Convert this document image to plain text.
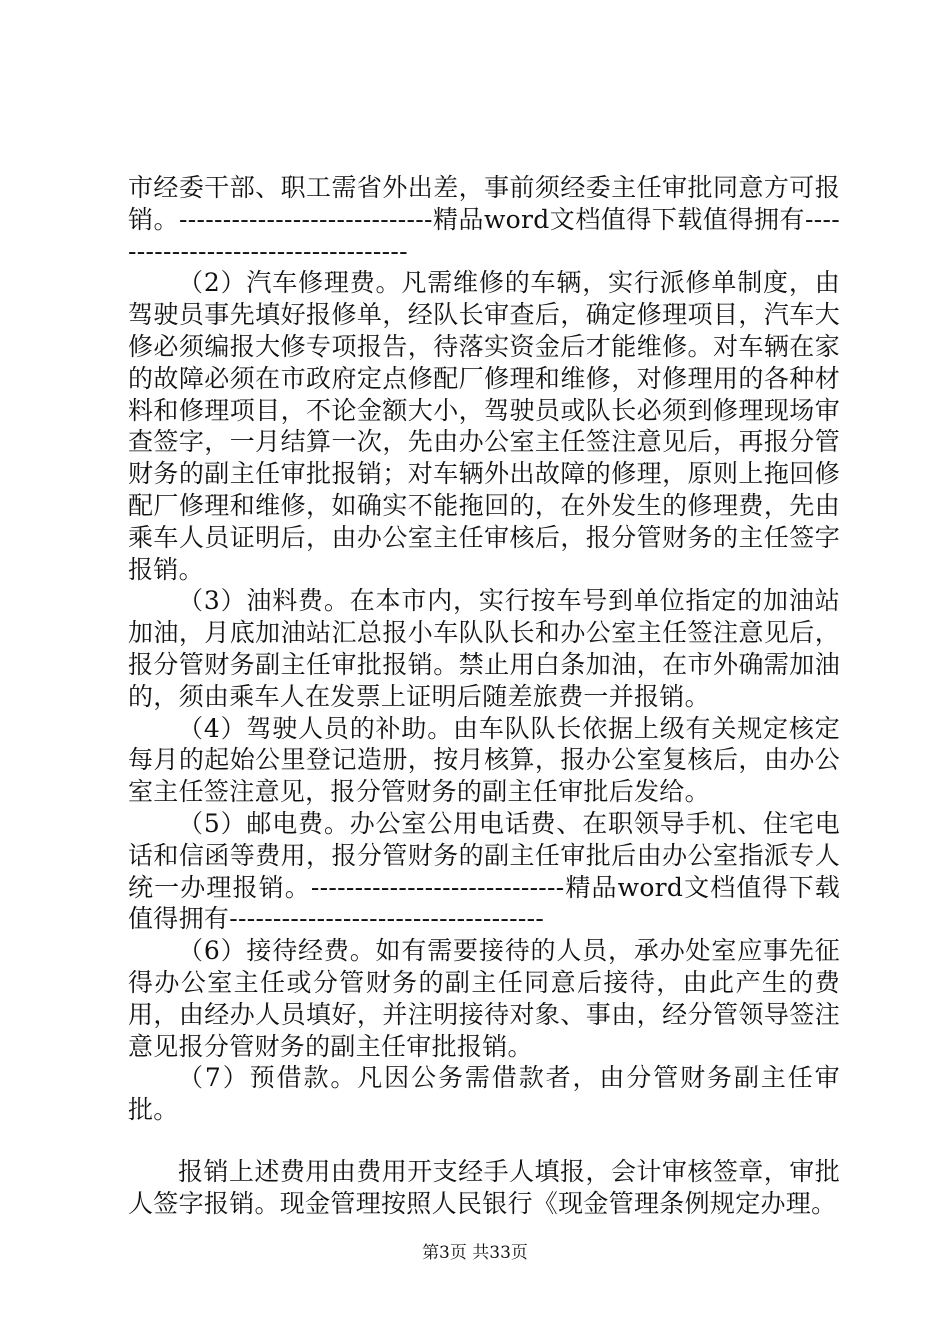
市经委干部、职工需省外出差，事前须经委主任审批同意方可报销。-----------------------------精品word文档值得下载值得拥有------------------------------------

（2）汽车修理费。凡需维修的车辆，实行派修单制度，由驾驶员事先填好报修单，经队长审查后，确定修理项目，汽车大修必须编报大修专项报告，待落实资金后才能维修。对车辆在家的故障必须在市政府定点修配厂修理和维修，对修理用的各种材料和修理项目，不论金额大小，驾驶员或队长必须到修理现场审查签字，一月结算一次，先由办公室主任签注意见后，再报分管财务的副主任审批报销；对车辆外出故障的修理，原则上拖回修配厂修理和维修，如确实不能拖回的，在外发生的修理费，先由乘车人员证明后，由办公室主任审核后，报分管财务的主任签字报销。

（3）油料费。在本市内，实行按车号到单位指定的加油站加油，月底加油站汇总报小车队队长和办公室主任签注意见后，报分管财务副主任审批报销。禁止用白条加油，在市外确需加油的，须由乘车人在发票上证明后随差旅费一并报销。

（4）驾驶人员的补助。由车队队长依据上级有关规定核定每月的起始公里登记造册，按月核算，报办公室复核后，由办公室主任签注意见，报分管财务的副主任审批后发给。

（5）邮电费。办公室公用电话费、在职领导手机、住宅电话和信函等费用，报分管财务的副主任审批后由办公室指派专人统一办理报销。-----------------------------精品word文档值得下载值得拥有------------------------------------

（6）接待经费。如有需要接待的人员，承办处室应事先征得办公室主任或分管财务的副主任同意后接待，由此产生的费用，由经办人员填好，并注明接待对象、事由，经分管领导签注意见报分管财务的副主任审批报销。

（7）预借款。凡因公务需借款者，由分管财务副主任审批。

报销上述费用由费用开支经手人填报，会计审核签章，审批人签字报销。现金管理按照人民银行《现金管理条例规定办理。

第3页 共33页
